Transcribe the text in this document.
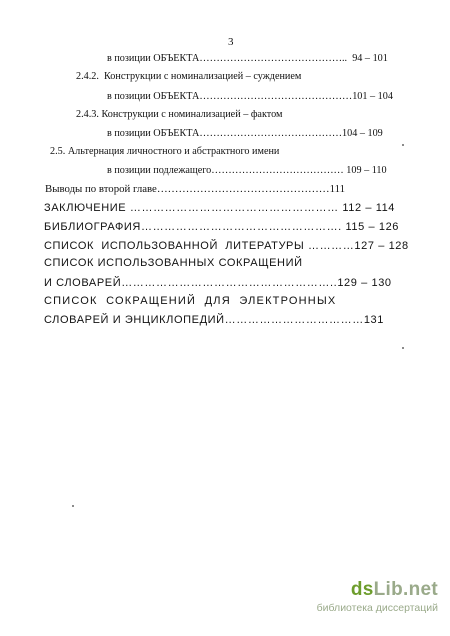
3
в позиции ОБЪЕКТА……………………………………..  94 – 101
2.4.2.  Конструкции с номинализацией – суждением
в позиции ОБЪЕКТА………………………………………101 – 104
2.4.3. Конструкции с номинализацией – фактом
в позиции ОБЪЕКТА……………………………………104 – 109
2.5. Альтернация личностного и абстрактного имени
в позиции подлежащего………………………………… 109 – 110
Выводы по второй главе…………………………………………111
ЗАКЛЮЧЕНИЕ ……………………………………………… 112 – 114
БИБЛИОГРАФИЯ……………………………………………. 115 – 126
СПИСОК  ИСПОЛЬЗОВАННОЙ  ЛИТЕРАТУРЫ …………127 – 128
СПИСОК ИСПОЛЬЗОВАННЫХ СОКРАЩЕНИЙ
И СЛОВАРЕЙ………………………………………………..129 – 130
СПИСОК  СОКРАЩЕНИЙ  ДЛЯ  ЭЛЕКТРОННЫХ
СЛОВАРЕЙ И ЭНЦИКЛОПЕДИЙ………………………………131
dsLib.net
библиотека диссертаций
